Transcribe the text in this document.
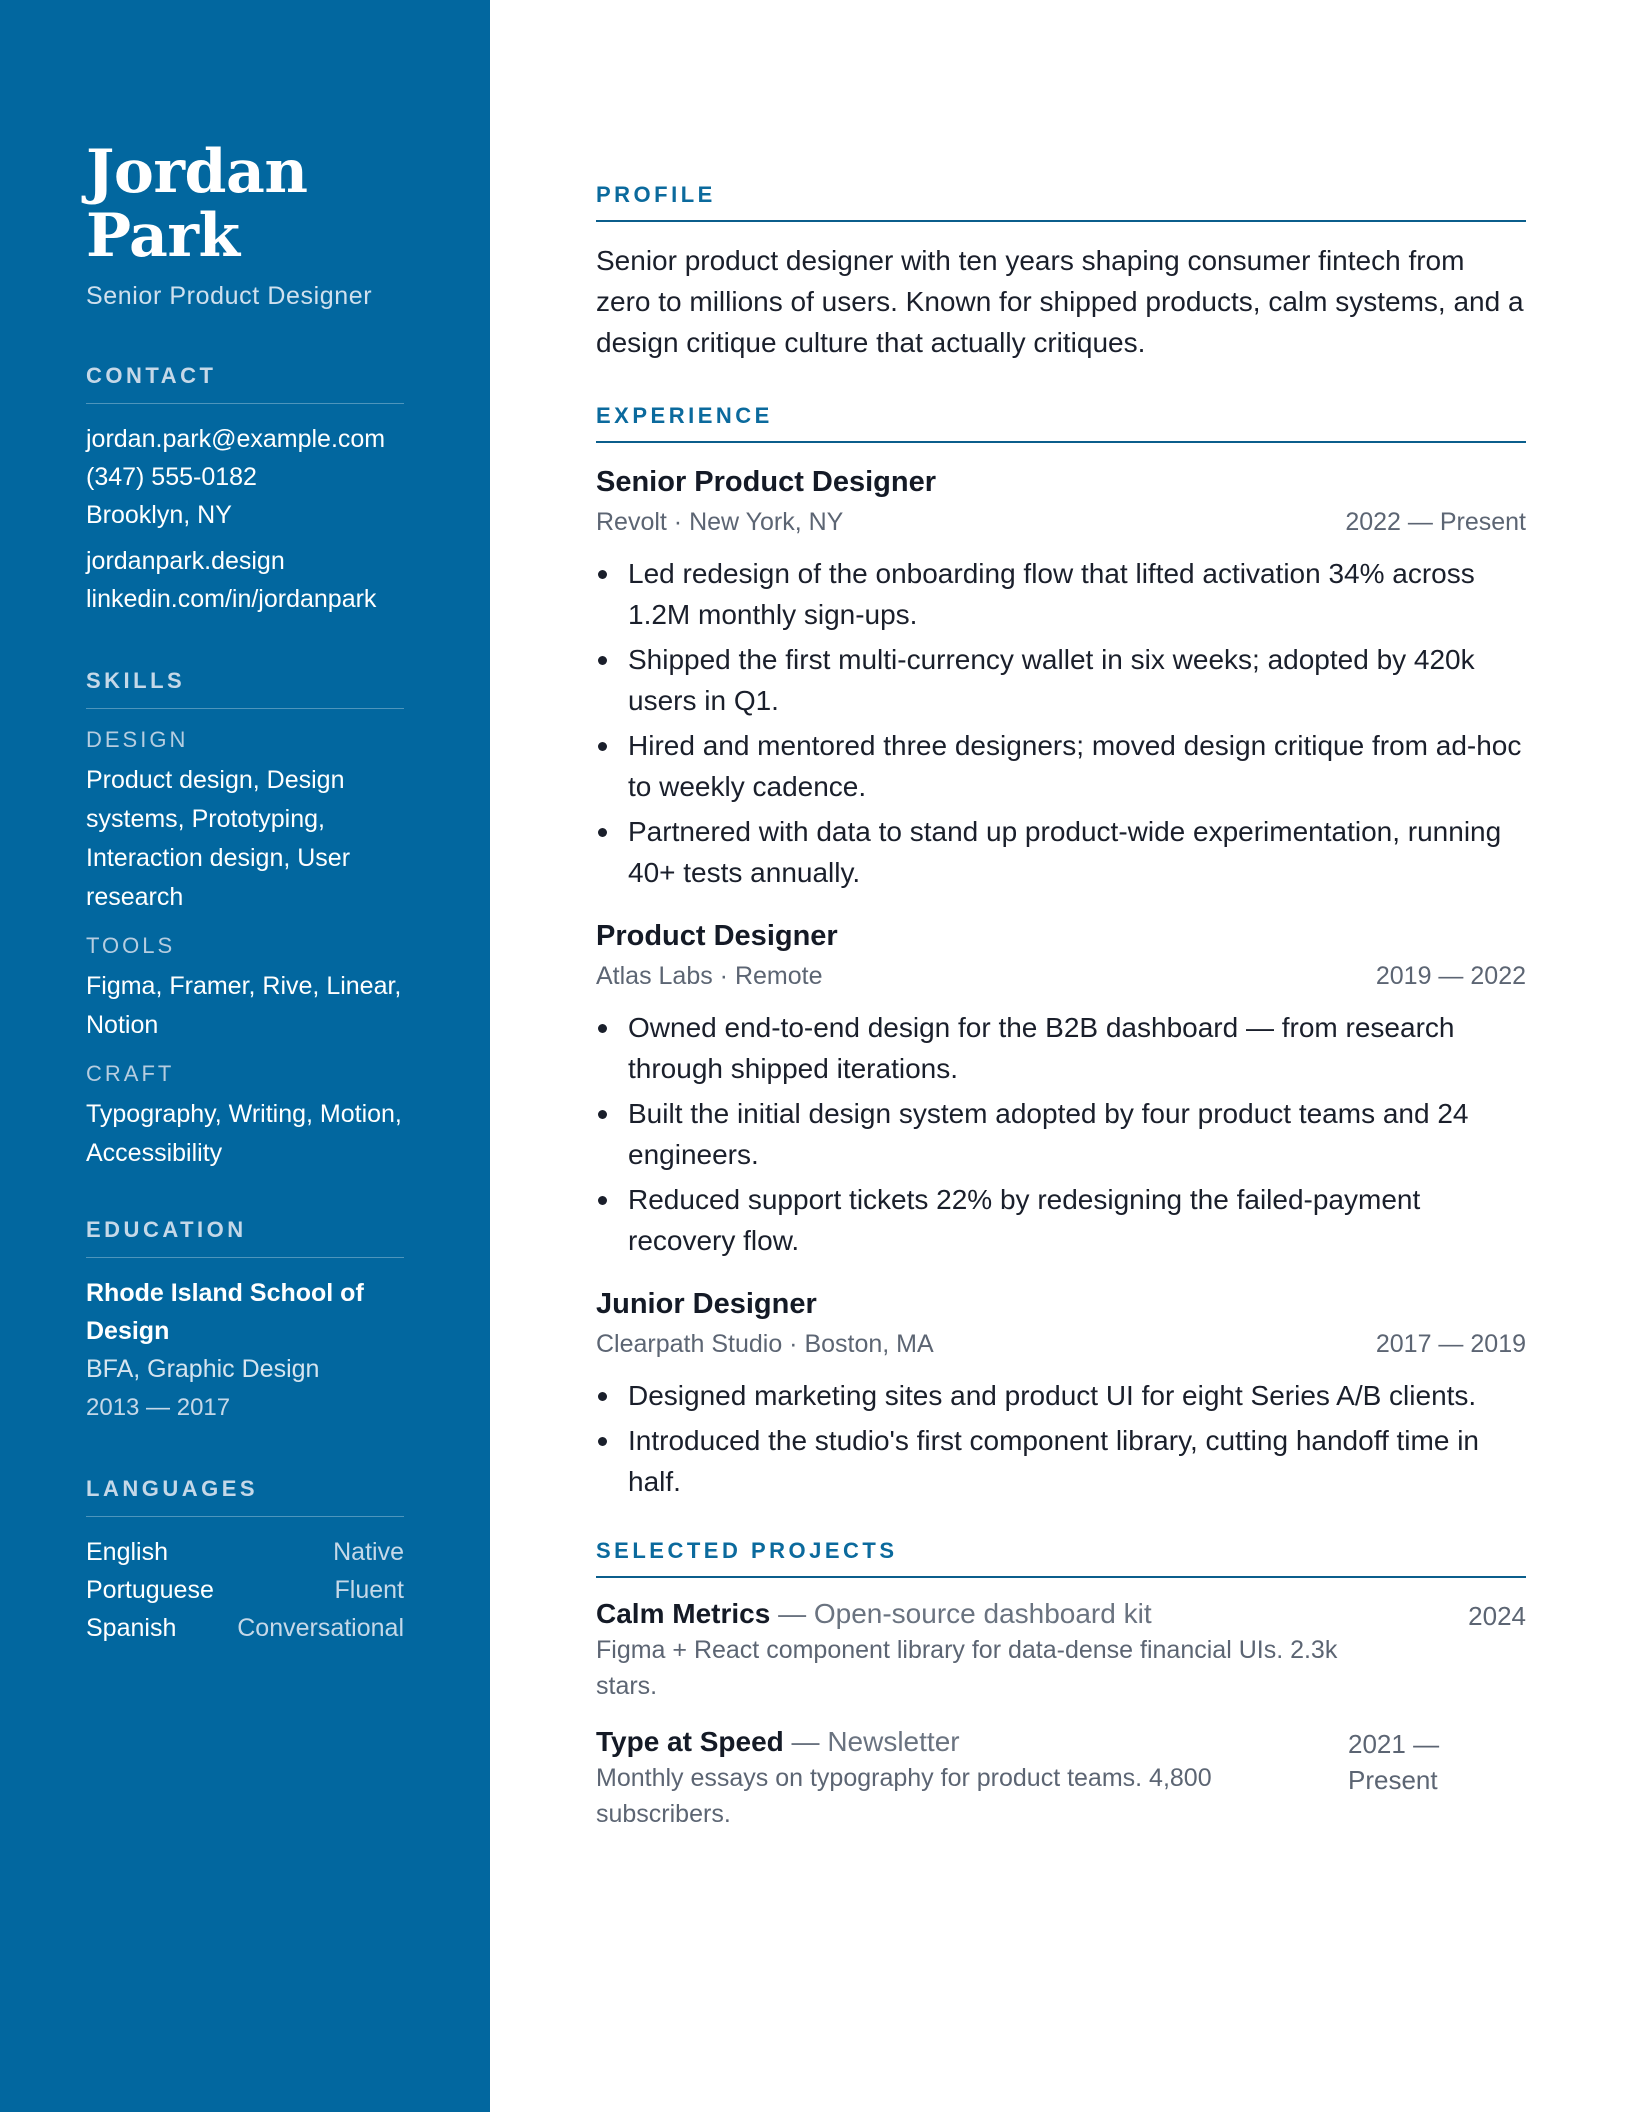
Jordan
Park
Senior Product Designer
CONTACT
jordan.park@example.com
(347) 555-0182
Brooklyn, NY
jordanpark.design
linkedin.com/in/jordanpark
SKILLS
DESIGN
Product design, Design systems, Prototyping, Interaction design, User research
TOOLS
Figma, Framer, Rive, Linear, Notion
CRAFT
Typography, Writing, Motion, Accessibility
EDUCATION
Rhode Island School of Design
BFA, Graphic Design
2013 — 2017
LANGUAGES
English	Native
Portuguese	Fluent
Spanish Conversational
PROFILE

Senior product designer with ten years shaping consumer fintech from zero to millions of users. Known for shipped products, calm systems, and a design critique culture that actually critiques.

EXPERIENCE
Senior Product Designer
Revolt · New York, NY	2022 — Present
Led redesign of the onboarding flow that lifted activation 34% across 1.2M monthly sign-ups.
Shipped the first multi-currency wallet in six weeks; adopted by 420k users in Q1.
Hired and mentored three designers; moved design critique from ad-hoc to weekly cadence.
Partnered with data to stand up product-wide experimentation, running 40+ tests annually.
Product Designer
Atlas Labs · Remote	2019 — 2022
Owned end-to-end design for the B2B dashboard — from research through shipped iterations.
Built the initial design system adopted by four product teams and 24 engineers.
Reduced support tickets 22% by redesigning the failed-payment recovery flow.
Junior Designer
Clearpath Studio · Boston, MA	2017 — 2019
Designed marketing sites and product UI for eight Series A/B clients.
Introduced the studio's first component library, cutting handoff time in half.
SELECTED PROJECTS
Calm Metrics — Open-source dashboard kit
Figma + React component library for data-dense financial UIs. 2.3k stars.
2024
Type at Speed — Newsletter
Monthly essays on typography for product teams. 4,800 subscribers.
2021 — Present
